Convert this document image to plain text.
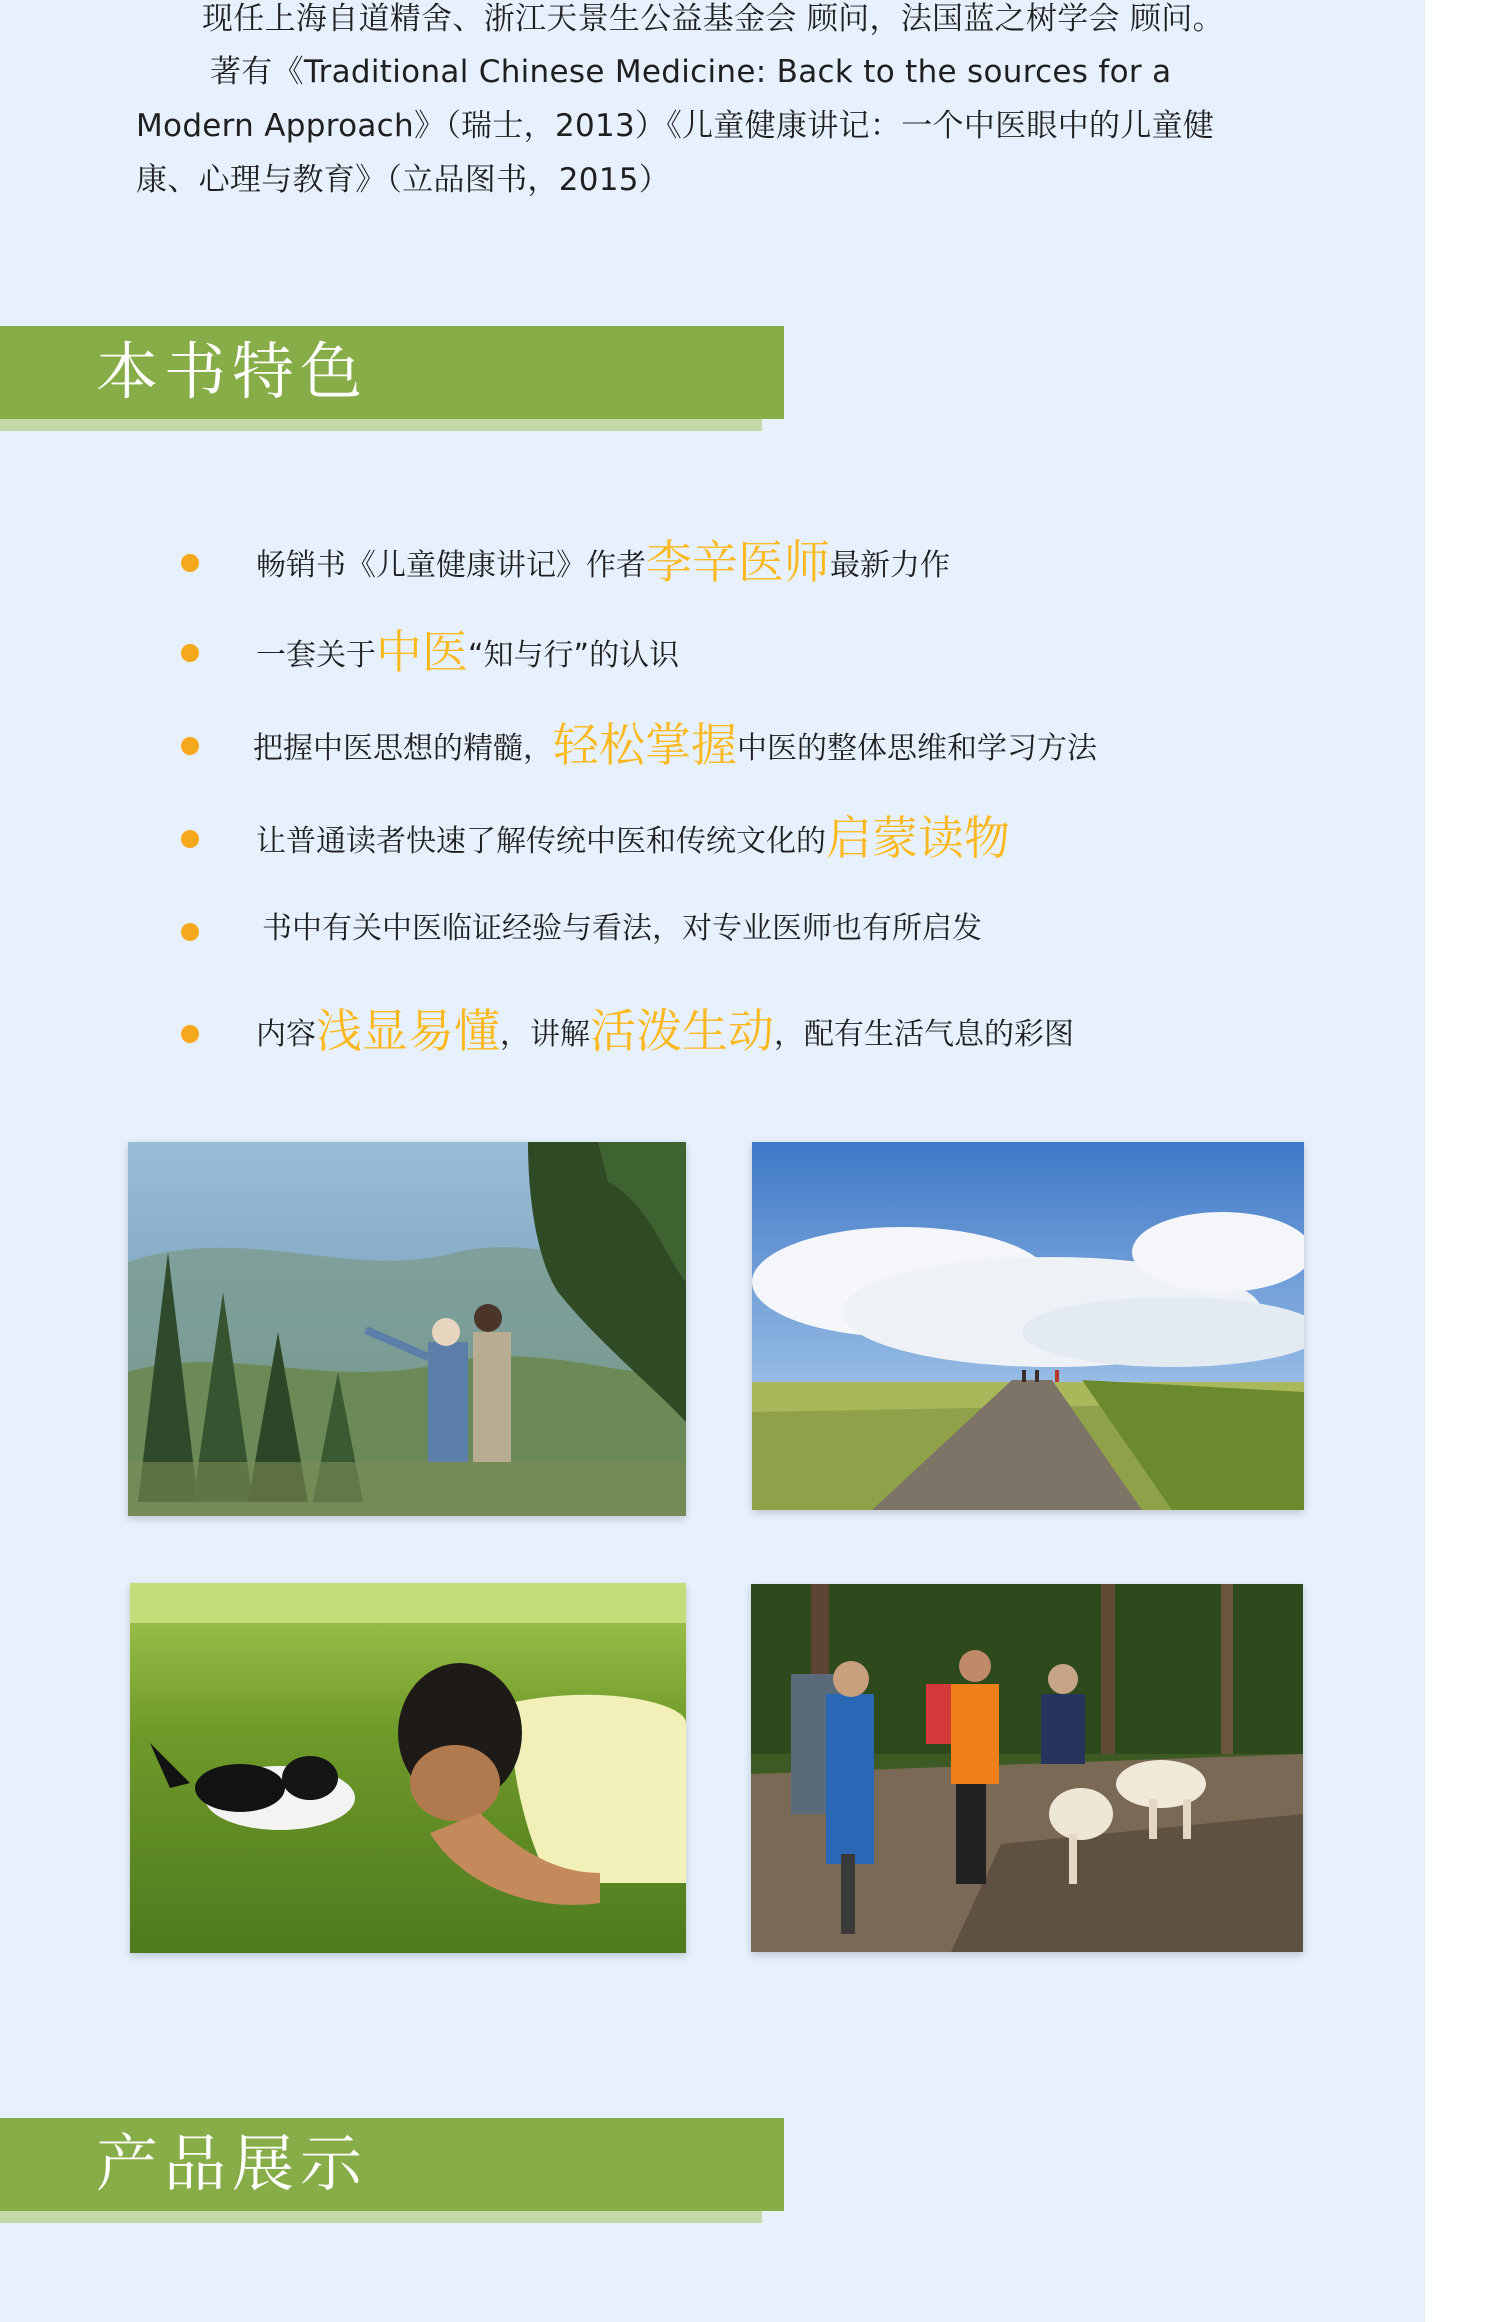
现任上海自道精舍、浙江天景生公益基金会 顾问，法国蓝之树学会 顾问。

著有《Traditional Chinese Medicine: Back to the sources for a

Modern Approach》（瑞士，2013）《儿童健康讲记：一个中医眼中的儿童健

康、心理与教育》（立品图书，2015）

本书特色
畅销书《儿童健康讲记》作者李辛医师最新力作
一套关于中医“知与行”的认识
把握中医思想的精髓，轻松掌握中医的整体思维和学习方法
让普通读者快速了解传统中医和传统文化的启蒙读物
书中有关中医临证经验与看法，对专业医师也有所启发
内容浅显易懂，讲解活泼生动，配有生活气息的彩图
产品展示
